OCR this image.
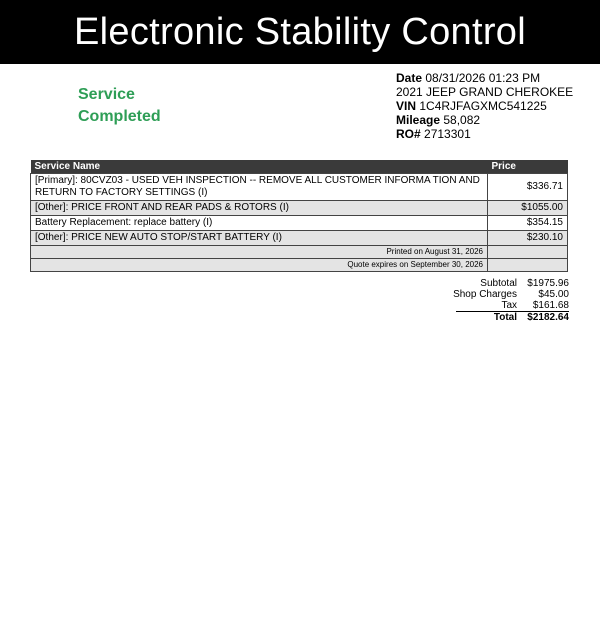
Electronic Stability Control
Service
Completed
Date 08/31/2026 01:23 PM
2021 JEEP GRAND CHEROKEE
VIN 1C4RJFAGXMC541225
Mileage 58,082
RO# 2713301
Service Name	Price
[Primary]: 80CVZ03 - USED VEH INSPECTION -- REMOVE ALL CUSTOMER INFORMA TION AND RETURN TO FACTORY SETTINGS (I)	$336.71
[Other]: PRICE FRONT AND REAR PADS & ROTORS (I)	$1055.00
Battery Replacement: replace battery (I)	$354.15
[Other]: PRICE NEW AUTO STOP/START BATTERY (I)	$230.10
Printed on August 31, 2026	
Quote expires on September 30, 2026	
Subtotal	$1975.96
Shop Charges	$45.00
Tax	$161.68
Total	$2182.64
